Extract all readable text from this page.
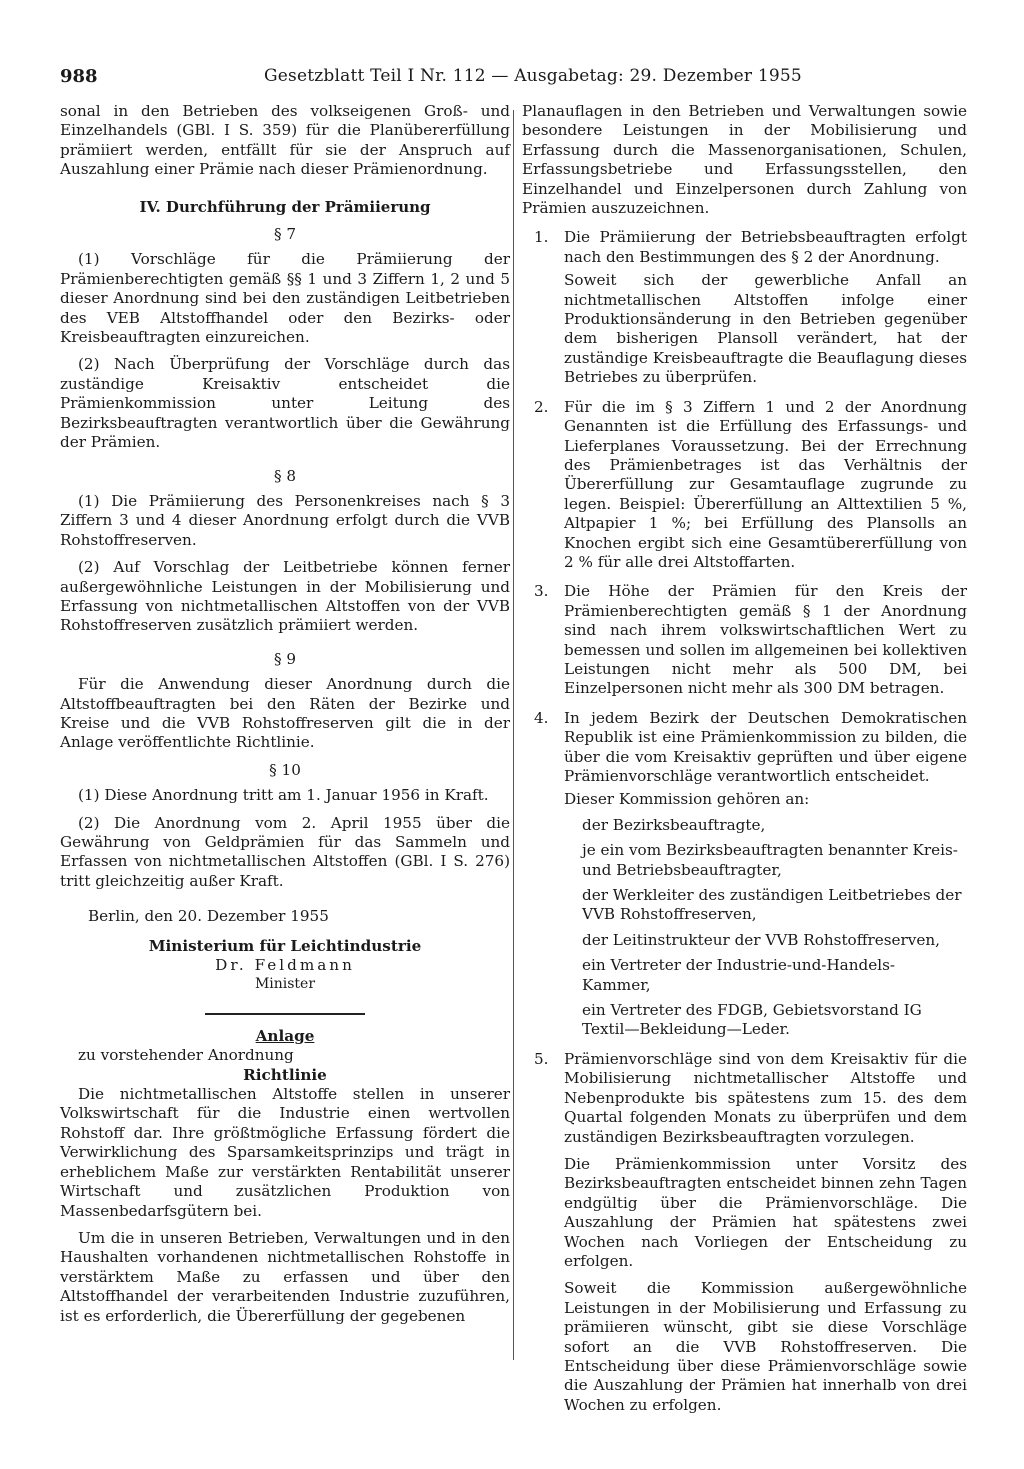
988	Gesetzblatt Teil I Nr. 112 — Ausgabetag: 29. Dezember 1955

sonal in den Betrieben des volkseigenen Groß- und Einzelhandels (GBl. I S. 359) für die Planübererfüllung prämiiert werden, entfällt für sie der Anspruch auf Auszahlung einer Prämie nach dieser Prämienordnung.

IV. Durchführung der Prämiierung

§ 7

(1) Vorschläge für die Prämiierung der Prämienberechtigten gemäß §§ 1 und 3 Ziffern 1, 2 und 5 dieser Anordnung sind bei den zuständigen Leitbetrieben des VEB Altstoffhandel oder den Bezirks- oder Kreisbeauftragten einzureichen.

(2) Nach Überprüfung der Vorschläge durch das zuständige Kreisaktiv entscheidet die Prämienkommission unter Leitung des Bezirksbeauftragten verantwortlich über die Gewährung der Prämien.

§ 8

(1) Die Prämiierung des Personenkreises nach § 3 Ziffern 3 und 4 dieser Anordnung erfolgt durch die VVB Rohstoffreserven.

(2) Auf Vorschlag der Leitbetriebe können ferner außergewöhnliche Leistungen in der Mobilisierung und Erfassung von nichtmetallischen Altstoffen von der VVB Rohstoffreserven zusätzlich prämiiert werden.

§ 9

Für die Anwendung dieser Anordnung durch die Altstoffbeauftragten bei den Räten der Bezirke und Kreise und die VVB Rohstoffreserven gilt die in der Anlage veröffentlichte Richtlinie.

§ 10

(1) Diese Anordnung tritt am 1. Januar 1956 in Kraft.

(2) Die Anordnung vom 2. April 1955 über die Gewährung von Geldprämien für das Sammeln und Erfassen von nichtmetallischen Altstoffen (GBl. I S. 276) tritt gleichzeitig außer Kraft.

Berlin, den 20. Dezember 1955

Ministerium für Leichtindustrie

Dr. Feldmann

Minister

Anlage

zu vorstehender Anordnung

Richtlinie

Die nichtmetallischen Altstoffe stellen in unserer Volkswirtschaft für die Industrie einen wertvollen Rohstoff dar. Ihre größtmögliche Erfassung fördert die Verwirklichung des Sparsamkeitsprinzips und trägt in erheblichem Maße zur verstärkten Rentabilität unserer Wirtschaft und zusätzlichen Produktion von Massenbedarfsgütern bei.

Um die in unseren Betrieben, Verwaltungen und in den Haushalten vorhandenen nichtmetallischen Rohstoffe in verstärktem Maße zu erfassen und über den Altstoffhandel der verarbeitenden Industrie zuzuführen, ist es erforderlich, die Übererfüllung der gegebenen

Planauflagen in den Betrieben und Verwaltungen sowie besondere Leistungen in der Mobilisierung und Erfassung durch die Massenorganisationen, Schulen, Erfassungsbetriebe und Erfassungsstellen, den Einzelhandel und Einzelpersonen durch Zahlung von Prämien auszuzeichnen.

1. Die Prämiierung der Betriebsbeauftragten erfolgt nach den Bestimmungen des § 2 der Anordnung.

Soweit sich der gewerbliche Anfall an nichtmetallischen Altstoffen infolge einer Produktionsänderung in den Betrieben gegenüber dem bisherigen Plansoll verändert, hat der zuständige Kreisbeauftragte die Beauflagung dieses Betriebes zu überprüfen.

2. Für die im § 3 Ziffern 1 und 2 der Anordnung Genannten ist die Erfüllung des Erfassungs- und Lieferplanes Voraussetzung. Bei der Errechnung des Prämienbetrages ist das Verhältnis der Übererfüllung zur Gesamtauflage zugrunde zu legen. Beispiel: Übererfüllung an Alttextilien 5 %, Altpapier 1 %; bei Erfüllung des Plansolls an Knochen ergibt sich eine Gesamtübererfüllung von 2 % für alle drei Altstoffarten.

3. Die Höhe der Prämien für den Kreis der Prämienberechtigten gemäß § 1 der Anordnung sind nach ihrem volkswirtschaftlichen Wert zu bemessen und sollen im allgemeinen bei kollektiven Leistungen nicht mehr als 500 DM, bei Einzelpersonen nicht mehr als 300 DM betragen.

4. In jedem Bezirk der Deutschen Demokratischen Republik ist eine Prämienkommission zu bilden, die über die vom Kreisaktiv geprüften und über eigene Prämienvorschläge verantwortlich entscheidet.

Dieser Kommission gehören an:

der Bezirksbeauftragte,

je ein vom Bezirksbeauftragten benannter Kreis- und Betriebsbeauftragter,

der Werkleiter des zuständigen Leitbetriebes der VVB Rohstoffreserven,

der Leitinstrukteur der VVB Rohstoffreserven,

ein Vertreter der Industrie-und-Handels-Kammer,

ein Vertreter des FDGB, Gebietsvorstand IG Textil—Bekleidung—Leder.

5. Prämienvorschläge sind von dem Kreisaktiv für die Mobilisierung nichtmetallischer Altstoffe und Nebenprodukte bis spätestens zum 15. des dem Quartal folgenden Monats zu überprüfen und dem zuständigen Bezirksbeauftragten vorzulegen.

Die Prämienkommission unter Vorsitz des Bezirksbeauftragten entscheidet binnen zehn Tagen endgültig über die Prämienvorschläge. Die Auszahlung der Prämien hat spätestens zwei Wochen nach Vorliegen der Entscheidung zu erfolgen.

Soweit die Kommission außergewöhnliche Leistungen in der Mobilisierung und Erfassung zu prämiieren wünscht, gibt sie diese Vorschläge sofort an die VVB Rohstoffreserven. Die Entscheidung über diese Prämienvorschläge sowie die Auszahlung der Prämien hat innerhalb von drei Wochen zu erfolgen.
